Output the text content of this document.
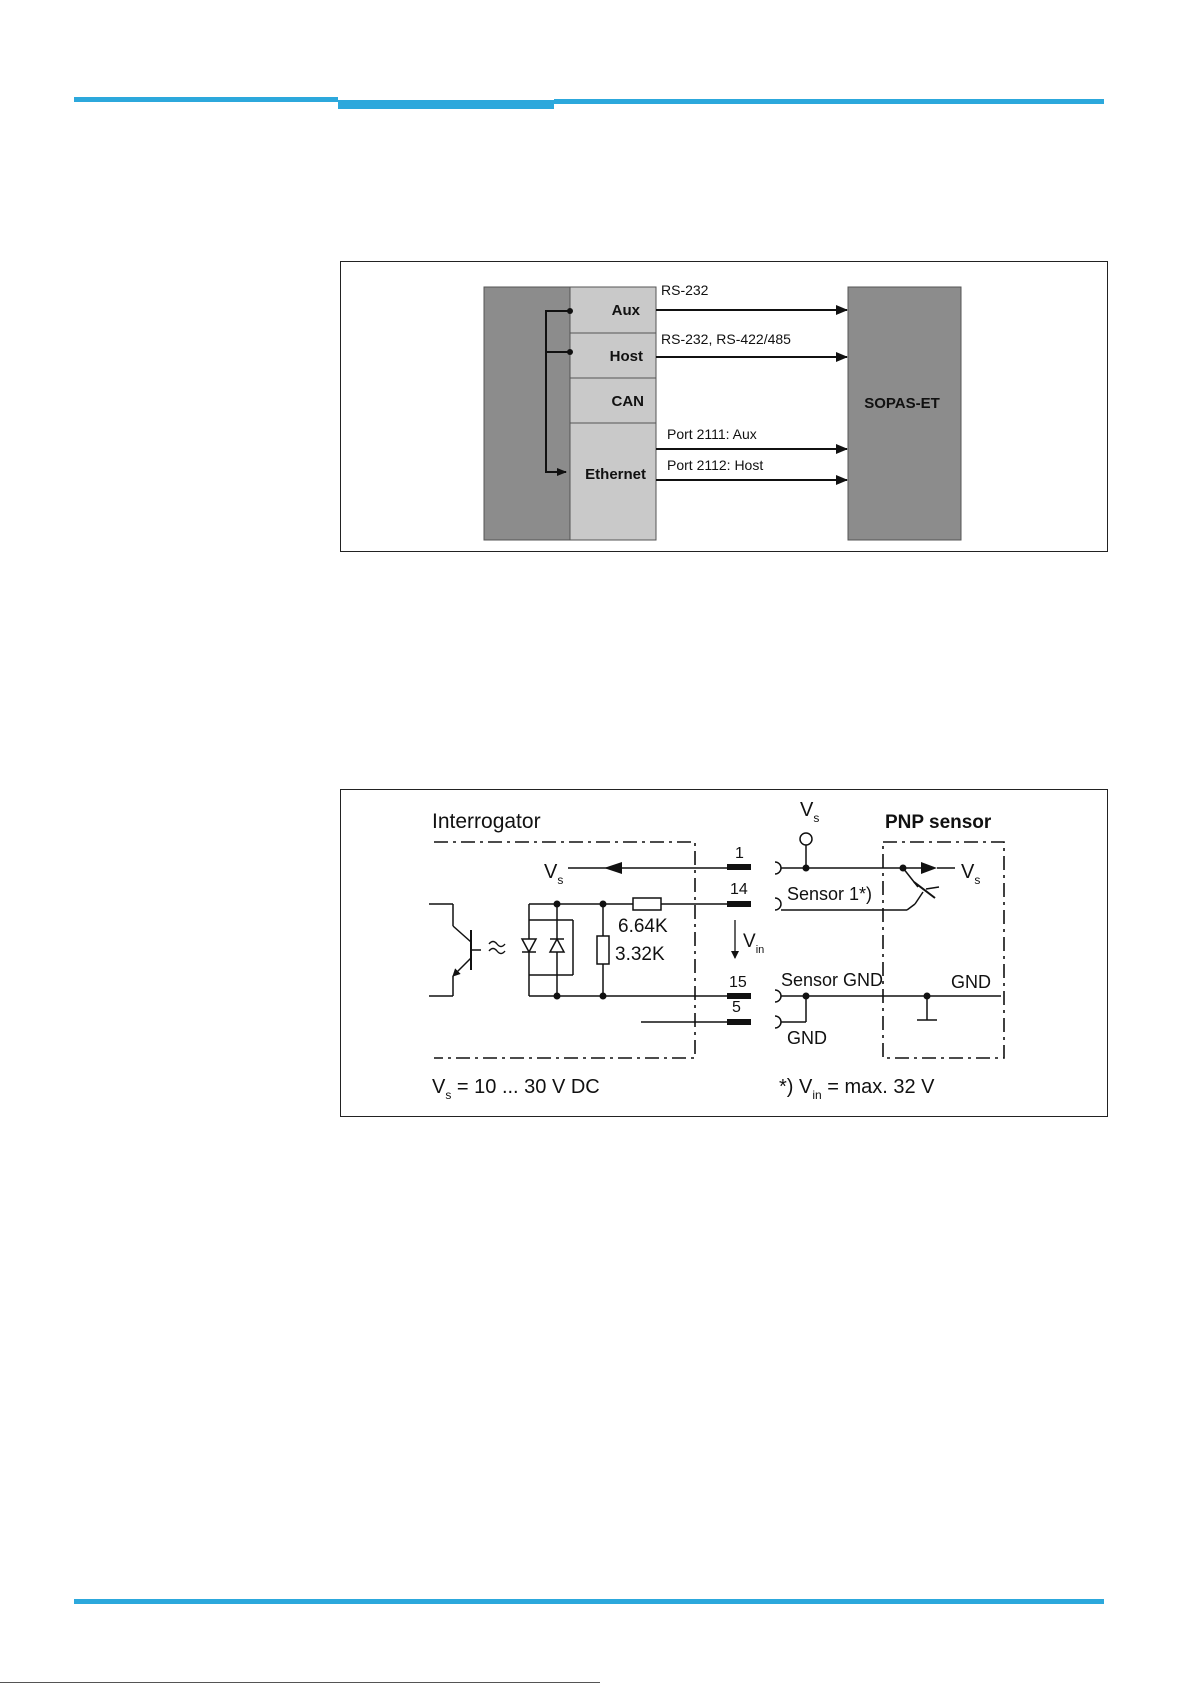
Aux
Host
CAN
Ethernet
SOPAS-ET
RS-232
RS-232, RS-422/485
Port 2111: Aux
Port 2112: Host
Interrogator	PNP sensor
$V_s$
1
14
6.64K
3.32K
15
5
$V_{in}$
$V_s$
$V_s$
Sensor 1*)
Sensor GND	GND
GND
$V_s = 10$ ... 30 V DC	*) $V_{in} = \max$. 32 V
